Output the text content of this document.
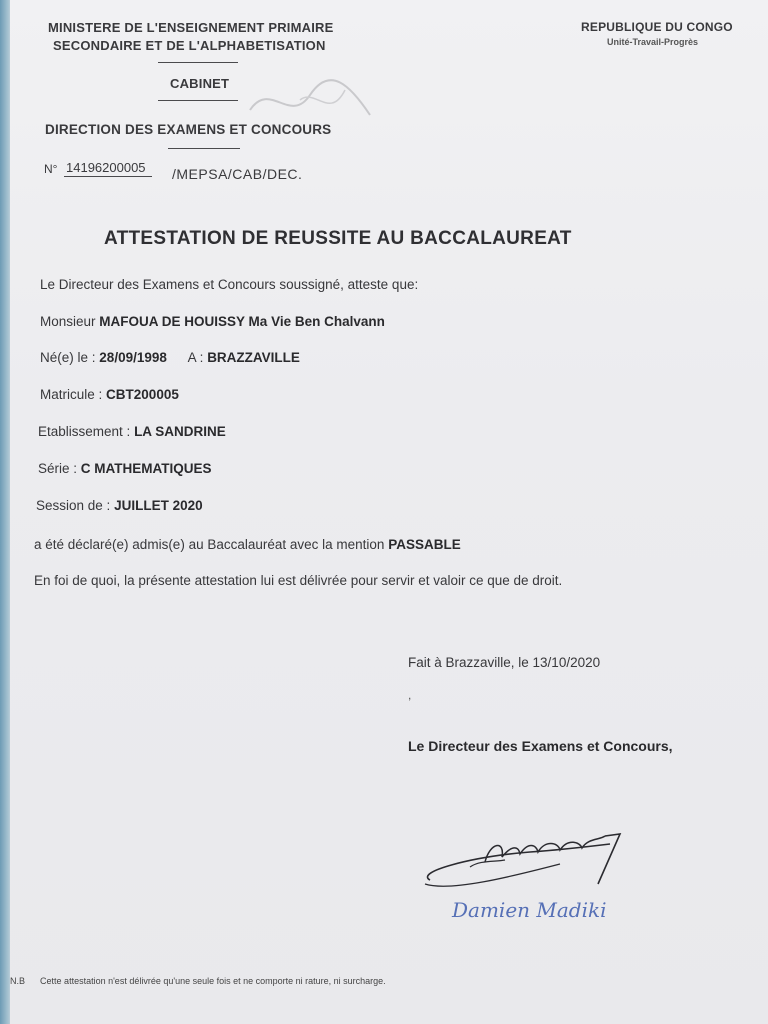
MINISTERE DE L'ENSEIGNEMENT PRIMAIRE
SECONDAIRE ET DE L'ALPHABETISATION
CABINET
DIRECTION DES EXAMENS ET CONCOURS
N° 14196200005	/MEPSA/CAB/DEC.
REPUBLIQUE DU CONGO
Unité-Travail-Progrès
ATTESTATION DE REUSSITE AU BACCALAUREAT
Le Directeur des Examens et Concours soussigné, atteste que:
Monsieur MAFOUA DE HOUISSY Ma Vie Ben Chalvann
Né(e) le : 28/09/1998 A : BRAZZAVILLE
Matricule : CBT200005
Etablissement : LA SANDRINE
Série : C MATHEMATIQUES
Session de : JUILLET 2020
a été déclaré(e) admis(e) au Baccalauréat avec la mention PASSABLE
En foi de quoi, la présente attestation lui est délivrée pour servir et valoir ce que de droit.
Fait à Brazzaville, le 13/10/2020
,
Le Directeur des Examens et Concours,
Damien Madiki
N.B Cette attestation n'est délivrée qu'une seule fois et ne comporte ni rature, ni surcharge.
